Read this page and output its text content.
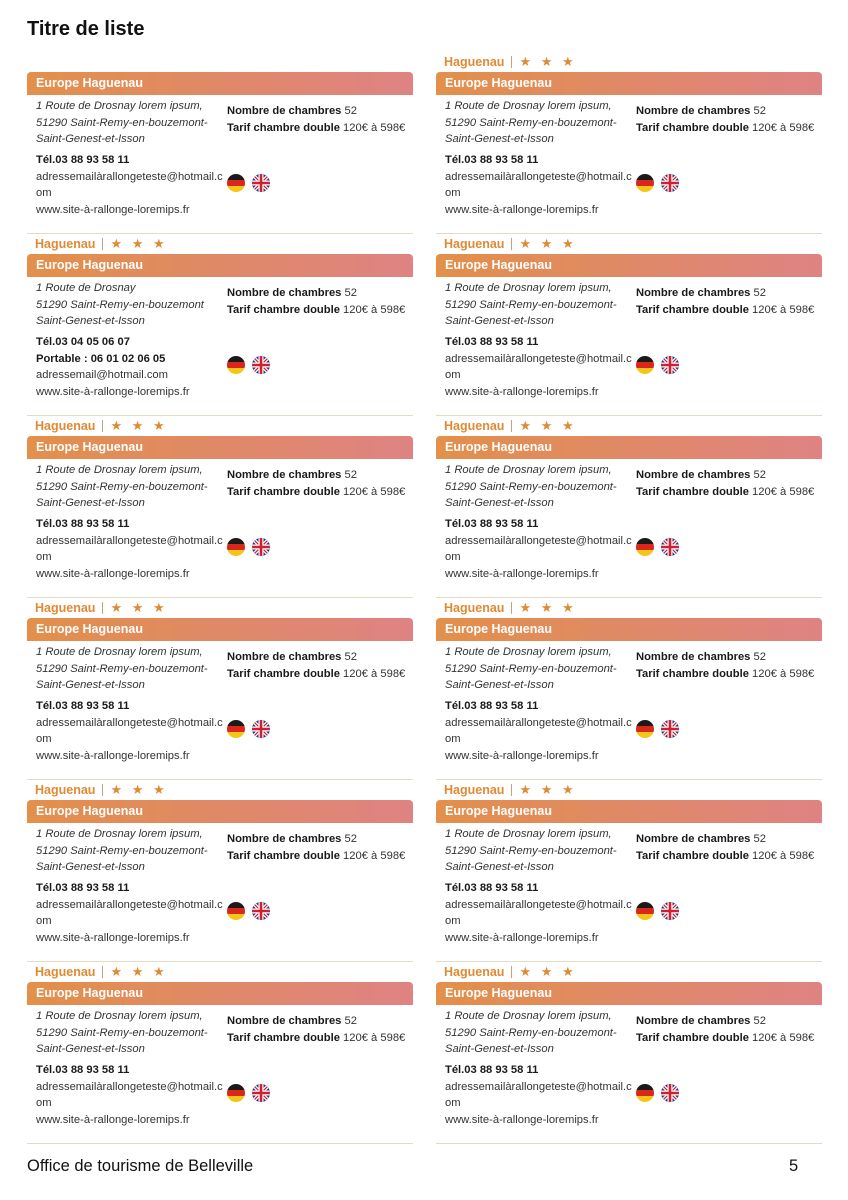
Titre de liste
Europe Haguenau
1 Route de Drosnay lorem ipsum,
51290 Saint-Remy-en-bouzemont-
Saint-Genest-et-Isson
Tél.03 88 93 58 11
adressemailàrallongeteste@hotmail.com
www.site-à-rallonge-loremips.fr
Nombre de chambres 52
Tarif chambre double 120€ à 598€
Haguenau ★ ★ ★
Europe Haguenau
1 Route de Drosnay
51290 Saint-Remy-en-bouzemont
Saint-Genest-et-Isson
Tél.03 04 05 06 07
Portable : 06 01 02 06 05
adressemail@hotmail.com
www.site-à-rallonge-loremips.fr
Nombre de chambres 52
Tarif chambre double 120€ à 598€
Haguenau ★ ★ ★
Europe Haguenau
1 Route de Drosnay lorem ipsum,
51290 Saint-Remy-en-bouzemont-
Saint-Genest-et-Isson
Tél.03 88 93 58 11
adressemailàrallongeteste@hotmail.com
www.site-à-rallonge-loremips.fr
Nombre de chambres 52
Tarif chambre double 120€ à 598€
Haguenau ★ ★ ★
Europe Haguenau
1 Route de Drosnay lorem ipsum,
51290 Saint-Remy-en-bouzemont-
Saint-Genest-et-Isson
Tél.03 88 93 58 11
adressemailàrallongeteste@hotmail.com
www.site-à-rallonge-loremips.fr
Nombre de chambres 52
Tarif chambre double 120€ à 598€
Haguenau ★ ★ ★
Europe Haguenau
1 Route de Drosnay lorem ipsum,
51290 Saint-Remy-en-bouzemont-
Saint-Genest-et-Isson
Tél.03 88 93 58 11
adressemailàrallongeteste@hotmail.com
www.site-à-rallonge-loremips.fr
Nombre de chambres 52
Tarif chambre double 120€ à 598€
Haguenau ★ ★ ★
Europe Haguenau
1 Route de Drosnay lorem ipsum,
51290 Saint-Remy-en-bouzemont-
Saint-Genest-et-Isson
Tél.03 88 93 58 11
adressemailàrallongeteste@hotmail.com
www.site-à-rallonge-loremips.fr
Nombre de chambres 52
Tarif chambre double 120€ à 598€
Haguenau ★ ★ ★
Europe Haguenau
1 Route de Drosnay lorem ipsum,
51290 Saint-Remy-en-bouzemont-
Saint-Genest-et-Isson
Tél.03 88 93 58 11
adressemailàrallongeteste@hotmail.com
www.site-à-rallonge-loremips.fr
Nombre de chambres 52
Tarif chambre double 120€ à 598€
Haguenau ★ ★ ★
Europe Haguenau
1 Route de Drosnay lorem ipsum,
51290 Saint-Remy-en-bouzemont-
Saint-Genest-et-Isson
Tél.03 88 93 58 11
adressemailàrallongeteste@hotmail.com
www.site-à-rallonge-loremips.fr
Nombre de chambres 52
Tarif chambre double 120€ à 598€
Haguenau ★ ★ ★
Europe Haguenau
1 Route de Drosnay lorem ipsum,
51290 Saint-Remy-en-bouzemont-
Saint-Genest-et-Isson
Tél.03 88 93 58 11
adressemailàrallongeteste@hotmail.com
www.site-à-rallonge-loremips.fr
Nombre de chambres 52
Tarif chambre double 120€ à 598€
Haguenau ★ ★ ★
Europe Haguenau
1 Route de Drosnay lorem ipsum,
51290 Saint-Remy-en-bouzemont-
Saint-Genest-et-Isson
Tél.03 88 93 58 11
adressemailàrallongeteste@hotmail.com
www.site-à-rallonge-loremips.fr
Nombre de chambres 52
Tarif chambre double 120€ à 598€
Haguenau ★ ★ ★
Europe Haguenau
1 Route de Drosnay lorem ipsum,
51290 Saint-Remy-en-bouzemont-
Saint-Genest-et-Isson
Tél.03 88 93 58 11
adressemailàrallongeteste@hotmail.com
www.site-à-rallonge-loremips.fr
Nombre de chambres 52
Tarif chambre double 120€ à 598€
Haguenau ★ ★ ★
Europe Haguenau
1 Route de Drosnay lorem ipsum,
51290 Saint-Remy-en-bouzemont-
Saint-Genest-et-Isson
Tél.03 88 93 58 11
adressemailàrallongeteste@hotmail.com
www.site-à-rallonge-loremips.fr
Nombre de chambres 52
Tarif chambre double 120€ à 598€
Office de tourisme de Belleville	5
